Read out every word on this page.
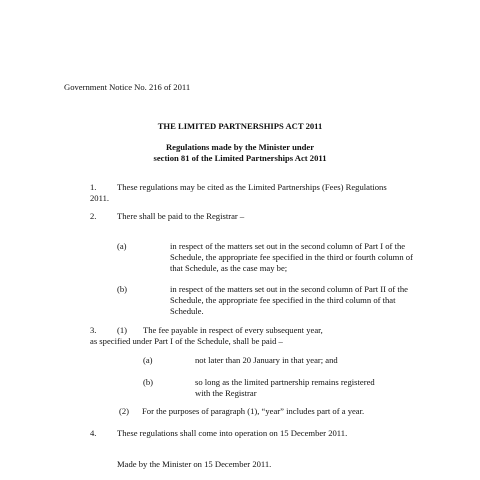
Government Notice No. 216 of 2011
THE LIMITED PARTNERSHIPS ACT 2011
Regulations made by the Minister under
section 81 of the Limited Partnerships Act 2011
1. These regulations may be cited as the Limited Partnerships (Fees) Regulations
2011.
2. There shall be paid to the Registrar –
(a)	in respect of the matters set out in the second column of Part I of the
Schedule, the appropriate fee specified in the third or fourth column of
that Schedule, as the case may be;
(b)	in respect of the matters set out in the second column of Part II of the
Schedule, the appropriate fee specified in the third column of that
Schedule.
3. (1) The fee payable in respect of every subsequent year,
as specified under Part I of the Schedule, shall be paid –
(a)	not later than 20 January in that year; and
(b)	so long as the limited partnership remains registered
with the Registrar
(2) For the purposes of paragraph (1), “year” includes part of a year.
4. These regulations shall come into operation on 15 December 2011.
Made by the Minister on 15 December 2011.
